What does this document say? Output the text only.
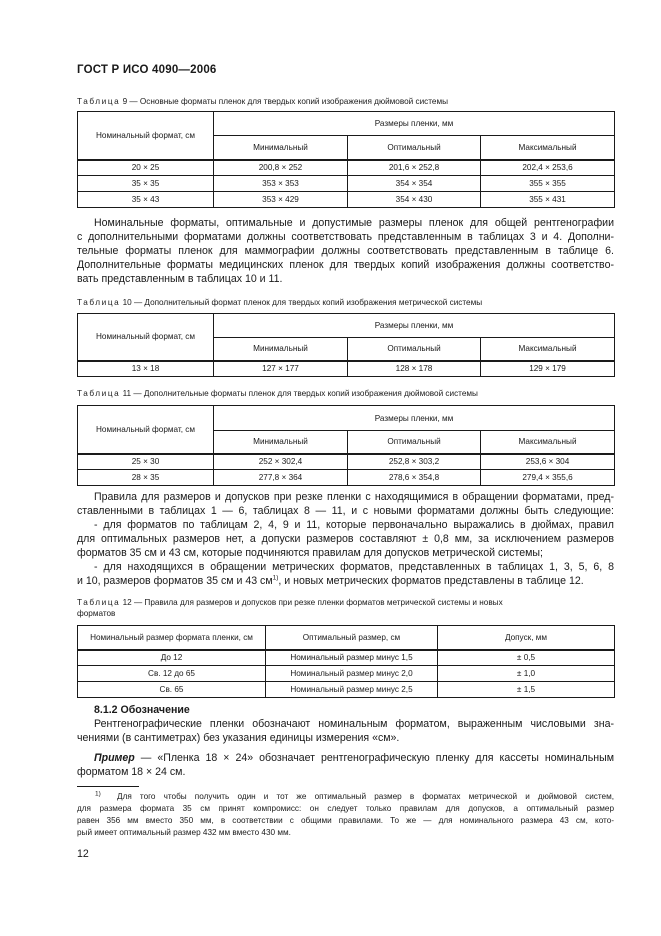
ГОСТ Р ИСО 4090—2006
Таблица 9 — Основные форматы пленок для твердых копий изображения дюймовой системы
Номинальный формат, см	Размеры пленки, мм		
	Минимальный	Оптимальный	Максимальный
20 × 25	200,8 × 252	201,6 × 252,8	202,4 × 253,6
35 × 35	353 × 353	354 × 354	355 × 355
35 × 43	353 × 429	354 × 430	355 × 431
Номинальные форматы, оптимальные и допустимые размеры пленок для общей рентгенографии
с дополнительными форматами должны соответствовать представленным в таблицах 3 и 4. Дополни-
тельные форматы пленок для маммографии должны соответствовать представленным в таблице 6.
Дополнительные форматы медицинских пленок для твердых копий изображения должны соответство-
вать представленным в таблицах 10 и 11.
Таблица 10 — Дополнительный формат пленок для твердых копий изображения метрической системы
Номинальный формат, см	Размеры пленки, мм		
	Минимальный	Оптимальный	Максимальный
13 × 18	127 × 177	128 × 178	129 × 179
Таблица 11 — Дополнительные форматы пленок для твердых копий изображения дюймовой системы
Номинальный формат, см	Размеры пленки, мм		
	Минимальный	Оптимальный	Максимальный
25 × 30	252 × 302,4	252,8 × 303,2	253,6 × 304
28 × 35	277,8 × 364	278,6 × 354,8	279,4 × 355,6
Правила для размеров и допусков при резке пленки с находящимися в обращении форматами, пред-
ставленными в таблицах 1 — 6, таблицах 8 — 11, и с новыми форматами должны быть следующие:
- для форматов по таблицам 2, 4, 9 и 11, которые первоначально выражались в дюймах, правил
для оптимальных размеров нет, а допуски размеров составляют ± 0,8 мм, за исключением размеров
форматов 35 см и 43 см, которые подчиняются правилам для допусков метрической системы;
- для находящихся в обращении метрических форматов, представленных в таблицах 1, 3, 5, 6, 8
и 10, размеров форматов 35 см и 43 $см^{1)}$, и новых метрических форматов представлены в таблице 12.
Таблица 12 — Правила для размеров и допусков при резке пленки форматов метрической системы и новых
форматов
Номинальный размер формата пленки, см	Оптимальный размер, см	Допуск, мм
До 12	Номинальный размер минус 1,5	± 0,5
Св. 12 до 65	Номинальный размер минус 2,0	± 1,0
Св. 65	Номинальный размер минус 2,5	± 1,5
8.1.2 Обозначение
Рентгенографические пленки обозначают номинальным форматом, выраженным числовыми зна-
чениями (в сантиметрах) без указания единицы измерения «см».
Пример — «Пленка 18 × 24» обозначает рентгенографическую пленку для кассеты номинальным
форматом 18 × 24 см.
$^{1)}$ Для того чтобы получить один и тот же оптимальный размер в форматах метрической и дюймовой систем,
для размера формата 35 см принят компромисс: он следует только правилам для допусков, а оптимальный размер
равен 356 мм вместо 350 мм, в соответствии с общими правилами. То же — для номинального размера 43 см, кото-
рый имеет оптимальный размер 432 мм вместо 430 мм.
12
